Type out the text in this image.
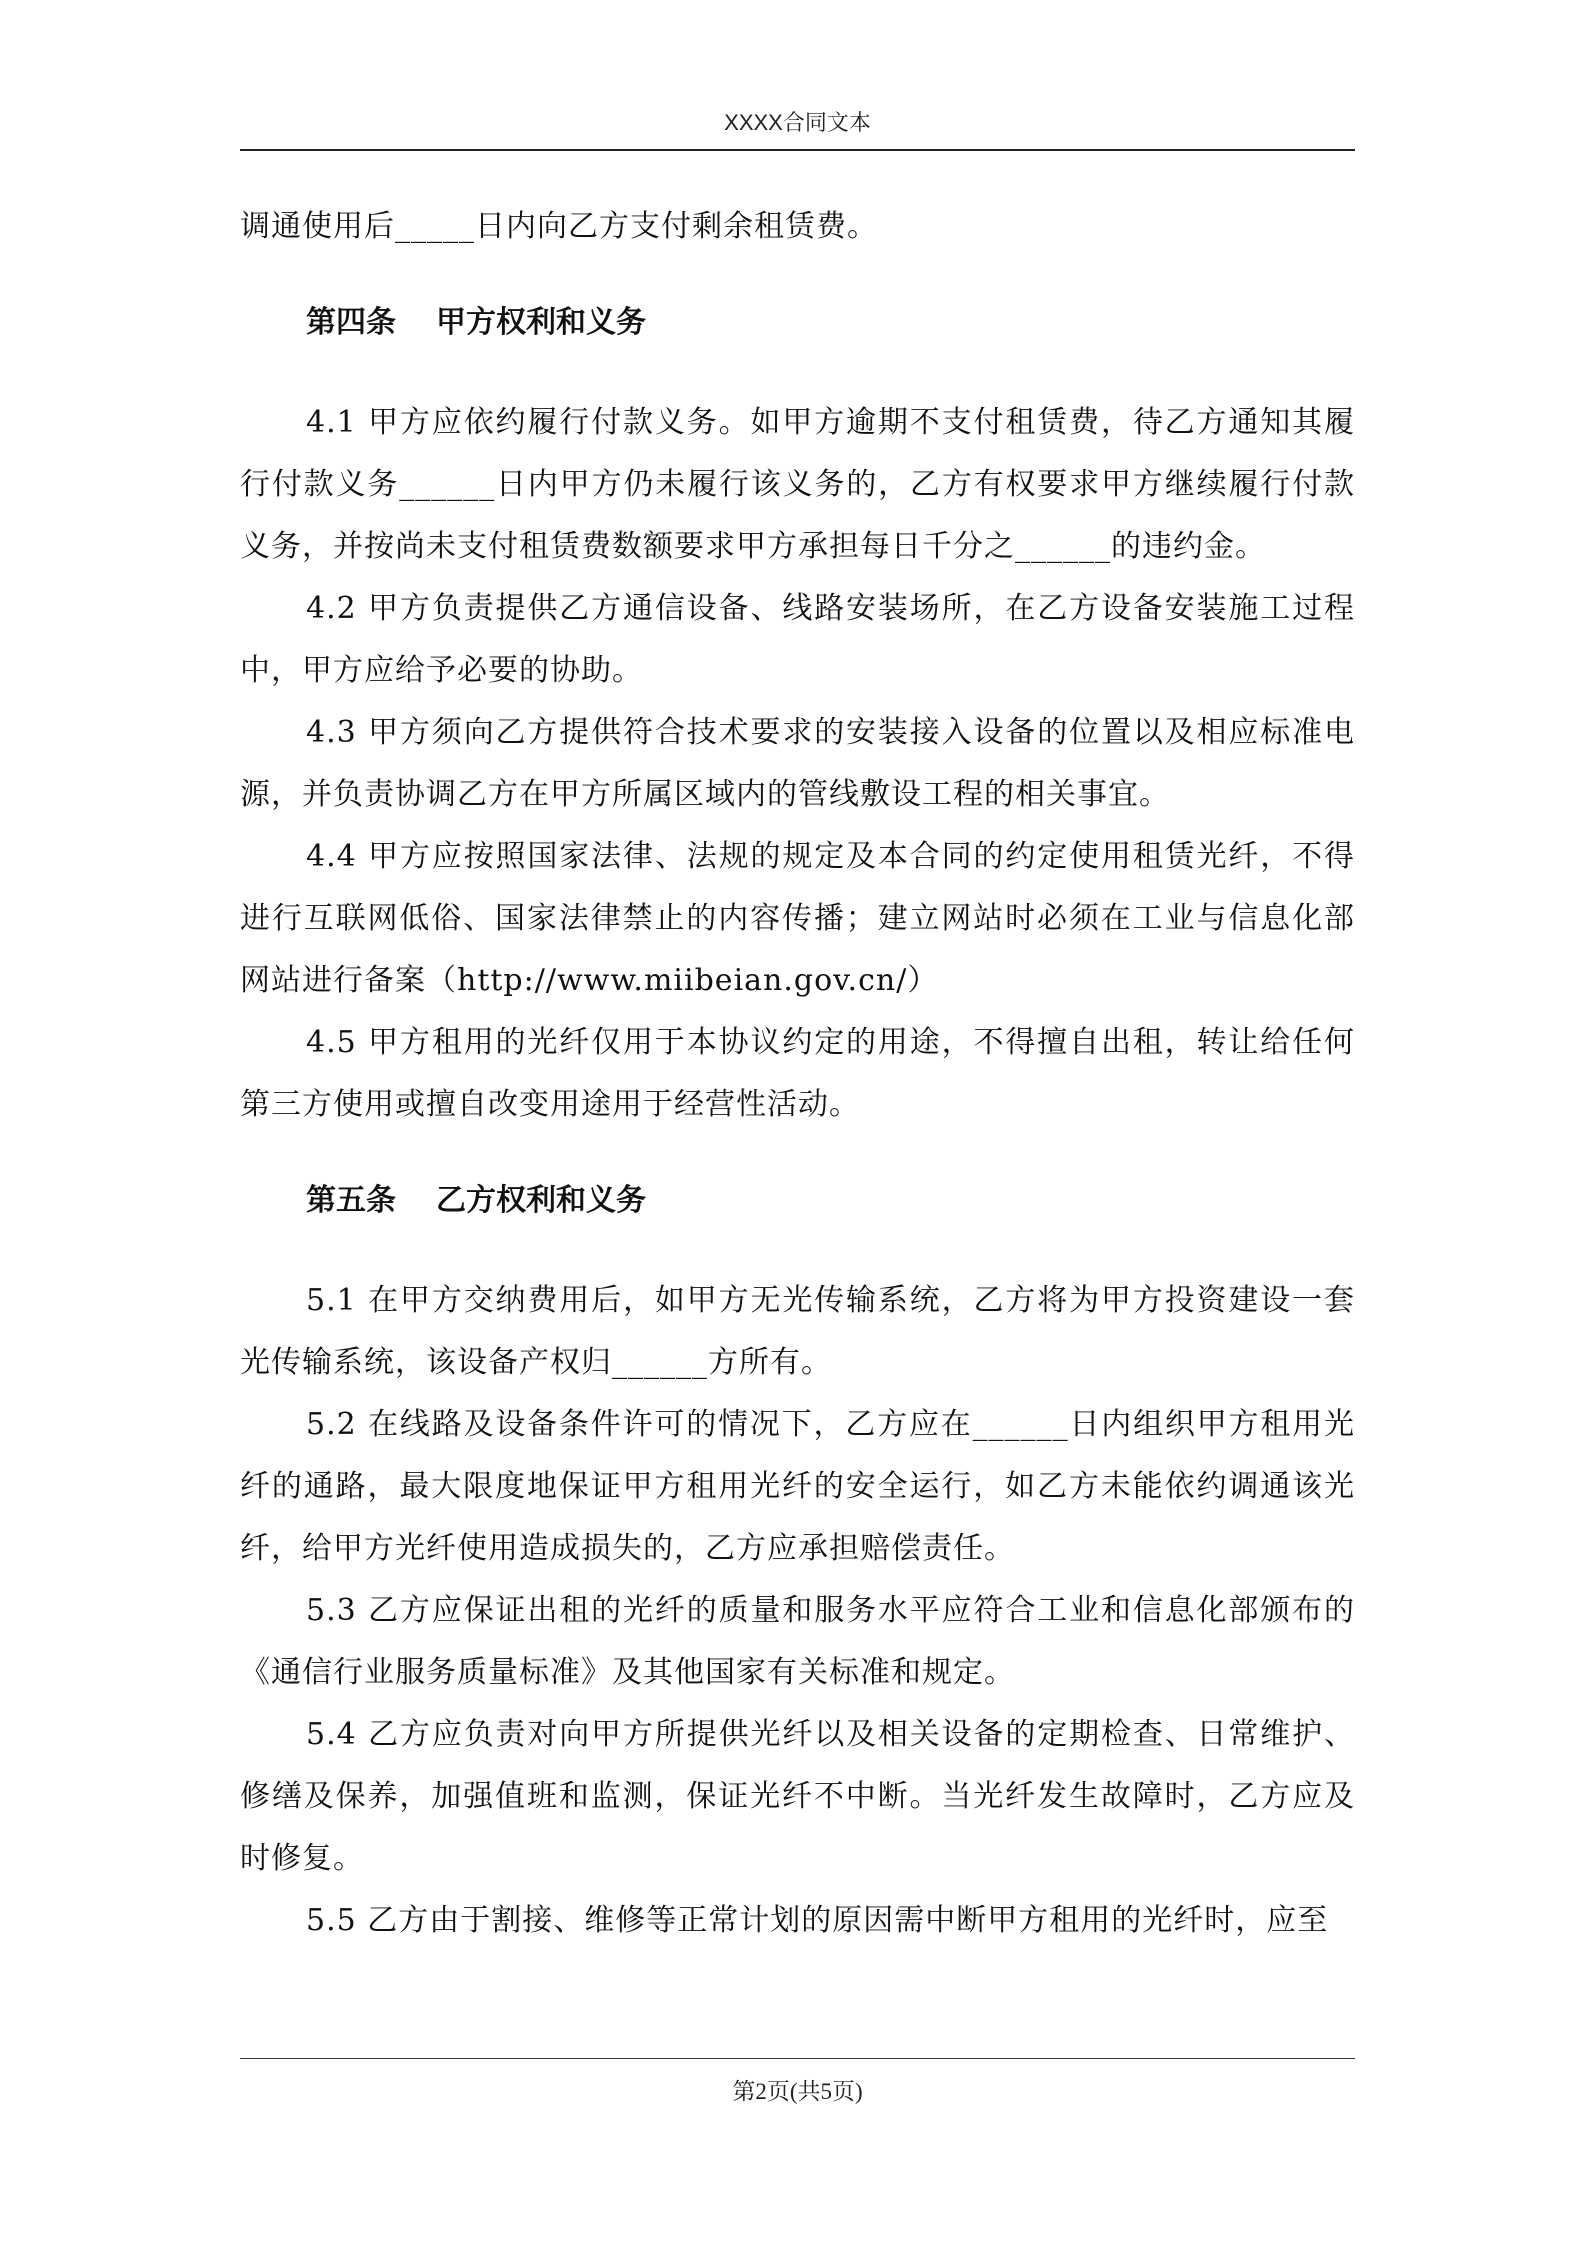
XXXX合同文本

调通使用后_____日内向乙方支付剩余租赁费。

第四条 甲方权利和义务

4.1 甲方应依约履行付款义务。如甲方逾期不支付租赁费，待乙方通知其履行付款义务______日内甲方仍未履行该义务的，乙方有权要求甲方继续履行付款义务，并按尚未支付租赁费数额要求甲方承担每日千分之______的违约金。

4.2 甲方负责提供乙方通信设备、线路安装场所，在乙方设备安装施工过程中，甲方应给予必要的协助。

4.3 甲方须向乙方提供符合技术要求的安装接入设备的位置以及相应标准电源，并负责协调乙方在甲方所属区域内的管线敷设工程的相关事宜。

4.4 甲方应按照国家法律、法规的规定及本合同的约定使用租赁光纤，不得进行互联网低俗、国家法律禁止的内容传播；建立网站时必须在工业与信息化部网站进行备案（http://www.miibeian.gov.cn/）

4.5 甲方租用的光纤仅用于本协议约定的用途，不得擅自出租，转让给任何第三方使用或擅自改变用途用于经营性活动。

第五条 乙方权利和义务

5.1 在甲方交纳费用后，如甲方无光传输系统，乙方将为甲方投资建设一套光传输系统，该设备产权归______方所有。

5.2 在线路及设备条件许可的情况下，乙方应在______日内组织甲方租用光纤的通路，最大限度地保证甲方租用光纤的安全运行，如乙方未能依约调通该光纤，给甲方光纤使用造成损失的，乙方应承担赔偿责任。

5.3 乙方应保证出租的光纤的质量和服务水平应符合工业和信息化部颁布的《通信行业服务质量标准》及其他国家有关标准和规定。

5.4 乙方应负责对向甲方所提供光纤以及相关设备的定期检查、日常维护、修缮及保养，加强值班和监测，保证光纤不中断。当光纤发生故障时，乙方应及时修复。

5.5 乙方由于割接、维修等正常计划的原因需中断甲方租用的光纤时，应至

第2页(共5页)
